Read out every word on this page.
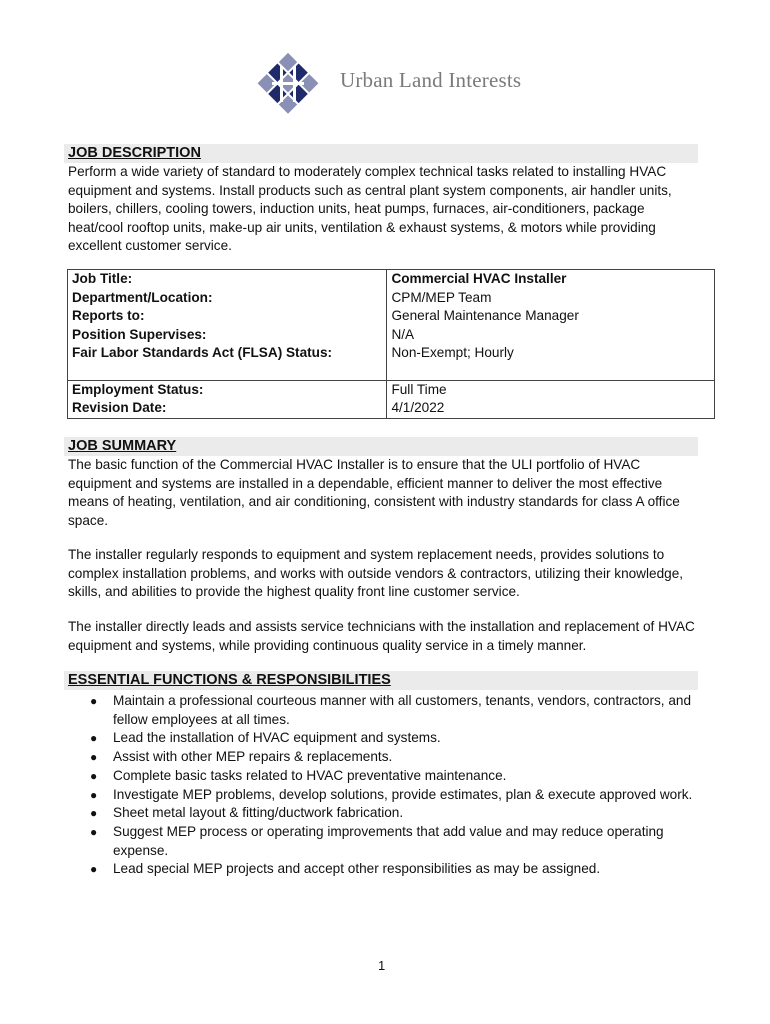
Urban Land Interests
JOB DESCRIPTION

Perform a wide variety of standard to moderately complex technical tasks related to installing HVAC equipment and systems. Install products such as central plant system components, air handler units, boilers, chillers, cooling towers, induction units, heat pumps, furnaces, air-conditioners, package heat/cool rooftop units, make-up air units, ventilation & exhaust systems, & motors while providing excellent customer service.

Job Title:	Commercial HVAC Installer
Department/Location:	CPM/MEP Team
Reports to:	General Maintenance Manager
Position Supervises:	N/A
Fair Labor Standards Act (FLSA) Status:	Non-Exempt; Hourly

Employment Status:	Full Time
Revision Date:	4/1/2022
JOB SUMMARY

The basic function of the Commercial HVAC Installer is to ensure that the ULI portfolio of HVAC equipment and systems are installed in a dependable, efficient manner to deliver the most effective means of heating, ventilation, and air conditioning, consistent with industry standards for class A office space.

The installer regularly responds to equipment and system replacement needs, provides solutions to complex installation problems, and works with outside vendors & contractors, utilizing their knowledge, skills, and abilities to provide the highest quality front line customer service.

The installer directly leads and assists service technicians with the installation and replacement of HVAC equipment and systems, while providing continuous quality service in a timely manner.

ESSENTIAL FUNCTIONS & RESPONSIBILITIES
● Maintain a professional courteous manner with all customers, tenants, vendors, contractors, and fellow employees at all times.
● Lead the installation of HVAC equipment and systems.
● Assist with other MEP repairs & replacements.
● Complete basic tasks related to HVAC preventative maintenance.
● Investigate MEP problems, develop solutions, provide estimates, plan & execute approved work.
● Sheet metal layout & fitting/ductwork fabrication.
● Suggest MEP process or operating improvements that add value and may reduce operating expense.
● Lead special MEP projects and accept other responsibilities as may be assigned.
1
